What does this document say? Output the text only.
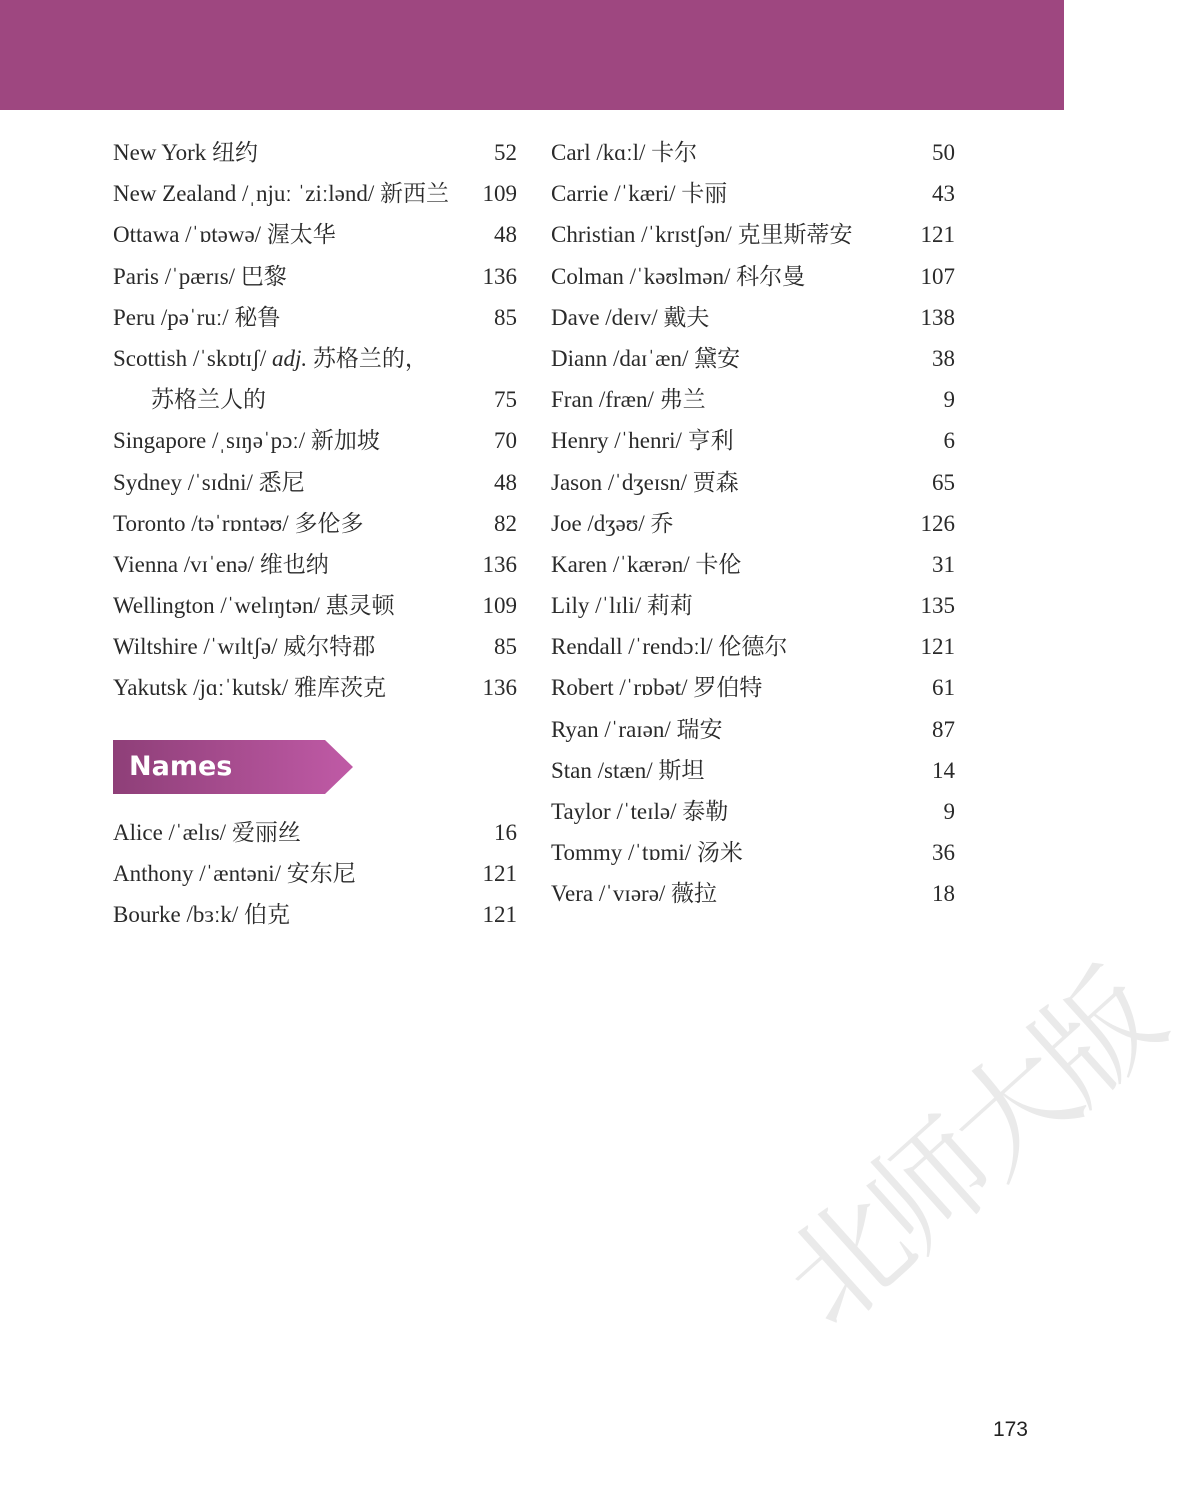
New York 纽约	52
New Zealand /ˌnjuː ˈziːlənd/ 新西兰	109
Ottawa /ˈɒtəwə/ 渥太华	48
Paris /ˈpærɪs/ 巴黎	136
Peru /pəˈruː/ 秘鲁	85
Scottish /ˈskɒtɪʃ/ adj. 苏格兰的，
苏格兰人的	75
Singapore /ˌsɪŋəˈpɔː/ 新加坡	70
Sydney /ˈsɪdni/ 悉尼	48
Toronto /təˈrɒntəʊ/ 多伦多	82
Vienna /vɪˈenə/ 维也纳	136
Wellington /ˈwelɪŋtən/ 惠灵顿	109
Wiltshire /ˈwɪltʃə/ 威尔特郡	85
Yakutsk /jɑːˈkutsk/ 雅库茨克	136
Names
Alice /ˈælɪs/ 爱丽丝	16
Anthony /ˈæntəni/ 安东尼	121
Bourke /bɜːk/ 伯克	121
Carl /kɑːl/ 卡尔	50
Carrie /ˈkæri/ 卡丽	43
Christian /ˈkrɪstʃən/ 克里斯蒂安	121
Colman /ˈkəʊlmən/ 科尔曼	107
Dave /deɪv/ 戴夫	138
Diann /daɪˈæn/ 黛安	38
Fran /fræn/ 弗兰	9
Henry /ˈhenri/ 亨利	6
Jason /ˈdʒeɪsn/ 贾森	65
Joe /dʒəʊ/ 乔	126
Karen /ˈkærən/ 卡伦	31
Lily /ˈlɪli/ 莉莉	135
Rendall /ˈrendɔːl/ 伦德尔	121
Robert /ˈrɒbət/ 罗伯特	61
Ryan /ˈraɪən/ 瑞安	87
Stan /stæn/ 斯坦	14
Taylor /ˈteɪlə/ 泰勒	9
Tommy /ˈtɒmi/ 汤米	36
Vera /ˈvɪərə/ 薇拉	18
北师大版
173
